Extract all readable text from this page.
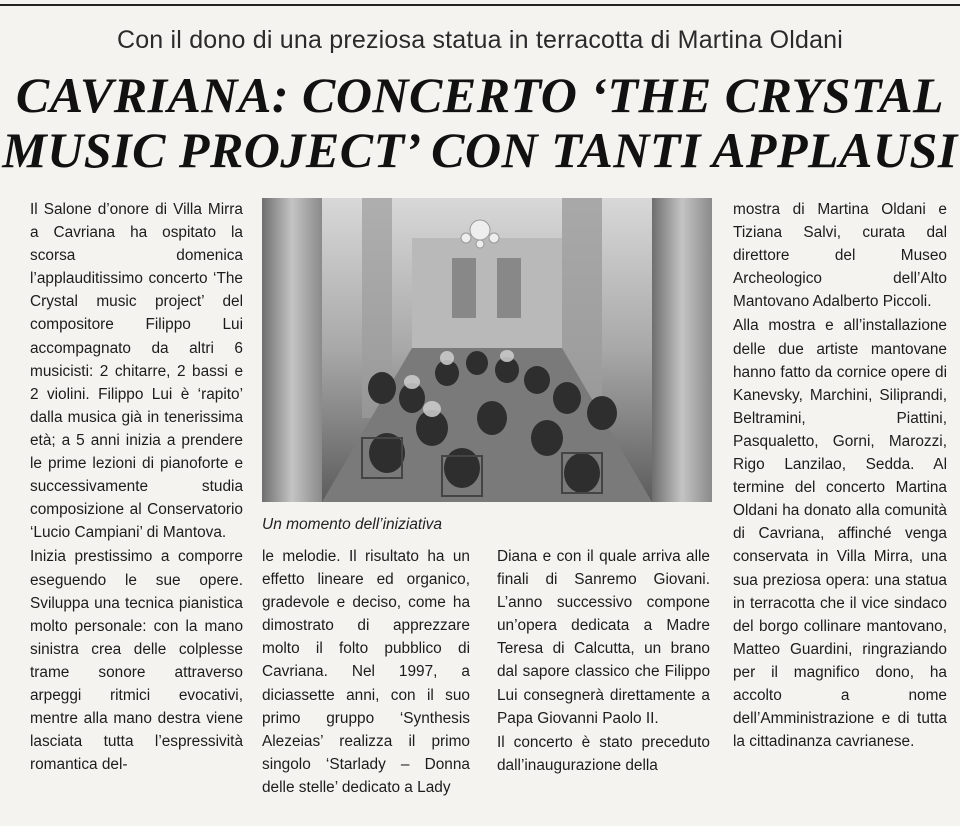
Con il dono di una preziosa statua in terracotta di Martina Oldani
CAVRIANA: CONCERTO ‘THE CRYSTAL
MUSIC PROJECT’ CON TANTI APPLAUSI

Il Salone d’onore di Villa Mirra a Cavriana ha ospitato la scorsa domenica l’applauditissimo concerto ‘The Crystal music project’ del compositore Filippo Lui accompagnato da altri 6 musicisti: 2 chitarre, 2 bassi e 2 violini. Filippo Lui è ‘rapito’ dalla musica già in tenerissima età; a 5 anni inizia a prendere le prime lezioni di pianoforte e successivamente studia composizione al Conservatorio ‘Lucio Campiani’ di Mantova.

Inizia prestissimo a comporre eseguendo le sue opere. Sviluppa una tecnica pianistica molto personale: con la mano sinistra crea delle colplesse trame sonore attraverso arpeggi ritmici evocativi, mentre alla mano destra viene lasciata tutta l’espressività romantica del-

Un momento dell’iniziativa

le melodie. Il risultato ha un effetto lineare ed organico, gradevole e deciso, come ha dimostrato di apprezzare molto il folto pubblico di Cavriana. Nel 1997, a diciassette anni, con il suo primo gruppo ‘Synthesis Alezeias’ realizza il primo singolo ‘Starlady – Donna delle stelle’ dedicato a Lady

Diana e con il quale arriva alle finali di Sanremo Giovani. L’anno successivo compone un’opera dedicata a Madre Teresa di Calcutta, un brano dal sapore classico che Filippo Lui consegnerà direttamente a Papa Giovanni Paolo II.

Il concerto è stato preceduto dall’inaugurazione della

mostra di Martina Oldani e Tiziana Salvi, curata dal direttore del Museo Archeologico dell’Alto Mantovano Adalberto Piccoli.

Alla mostra e all’installazione delle due artiste mantovane hanno fatto da cornice opere di Kanevsky, Marchini, Siliprandi, Beltramini, Piattini, Pasqualetto, Gorni, Marozzi, Rigo Lanzilao, Sedda. Al termine del concerto Martina Oldani ha donato alla comunità di Cavriana, affinché venga conservata in Villa Mirra, una sua preziosa opera: una statua in terracotta che il vice sindaco del borgo collinare mantovano, Matteo Guardini, ringraziando per il magnifico dono, ha accolto a nome dell’Amministrazione e di tutta la cittadinanza cavrianese.
